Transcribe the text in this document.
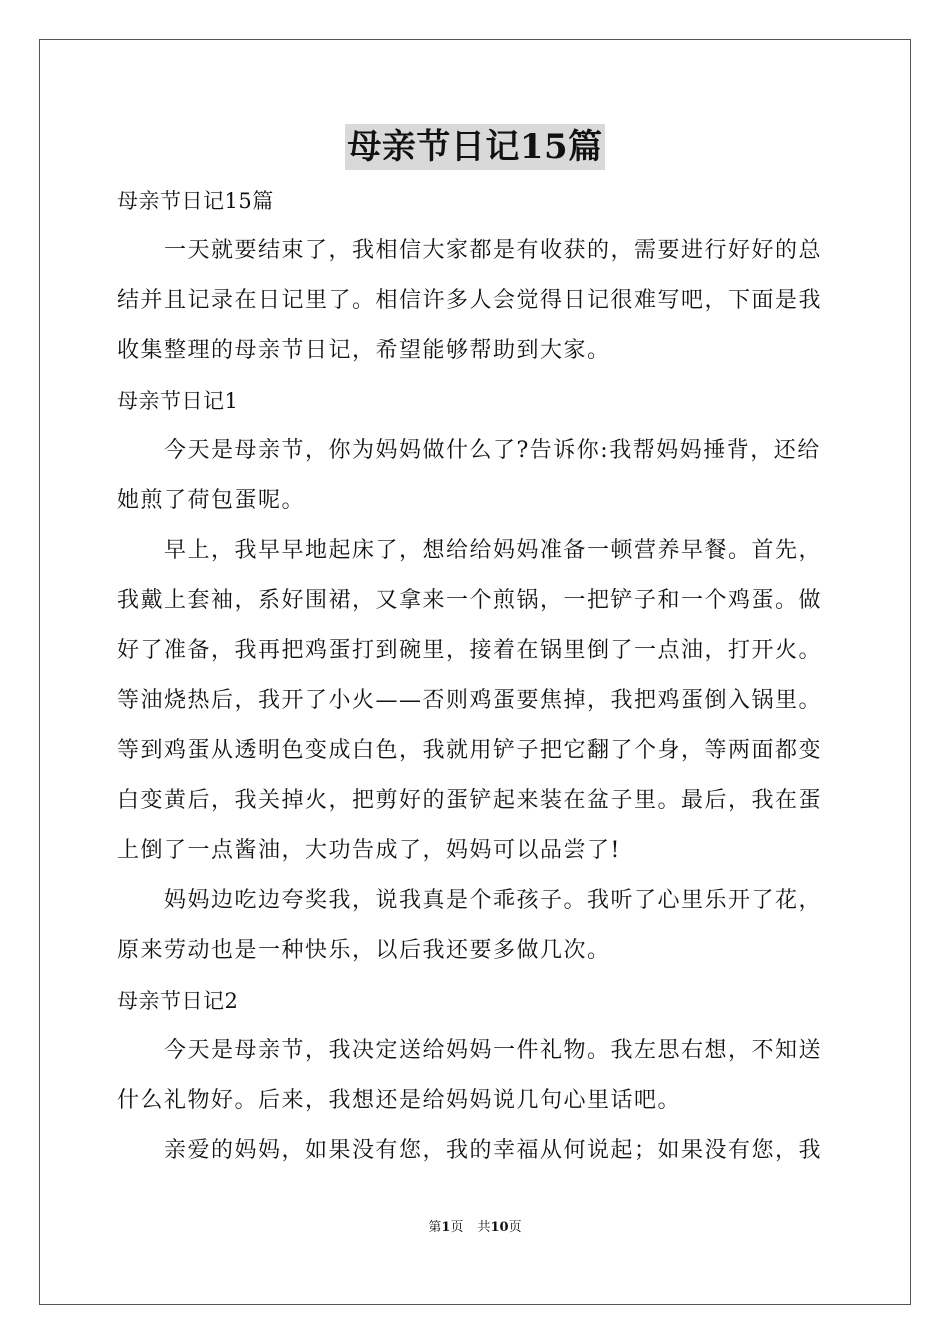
母亲节日记15篇
母亲节日记15篇
一天就要结束了，我相信大家都是有收获的，需要进行好好的总
结并且记录在日记里了。相信许多人会觉得日记很难写吧，下面是我
收集整理的母亲节日记，希望能够帮助到大家。
母亲节日记1
今天是母亲节，你为妈妈做什么了?告诉你:我帮妈妈捶背，还给
她煎了荷包蛋呢。
早上，我早早地起床了，想给给妈妈准备一顿营养早餐。首先，
我戴上套袖，系好围裙，又拿来一个煎锅，一把铲子和一个鸡蛋。做
好了准备，我再把鸡蛋打到碗里，接着在锅里倒了一点油，打开火。
等油烧热后，我开了小火——否则鸡蛋要焦掉，我把鸡蛋倒入锅里。
等到鸡蛋从透明色变成白色，我就用铲子把它翻了个身，等两面都变
白变黄后，我关掉火，把剪好的蛋铲起来装在盆子里。最后，我在蛋
上倒了一点酱油，大功告成了，妈妈可以品尝了!
妈妈边吃边夸奖我，说我真是个乖孩子。我听了心里乐开了花，
原来劳动也是一种快乐，以后我还要多做几次。
母亲节日记2
今天是母亲节，我决定送给妈妈一件礼物。我左思右想，不知送
什么礼物好。后来，我想还是给妈妈说几句心里话吧。
亲爱的妈妈，如果没有您，我的幸福从何说起；如果没有您，我
第1页 共10页
